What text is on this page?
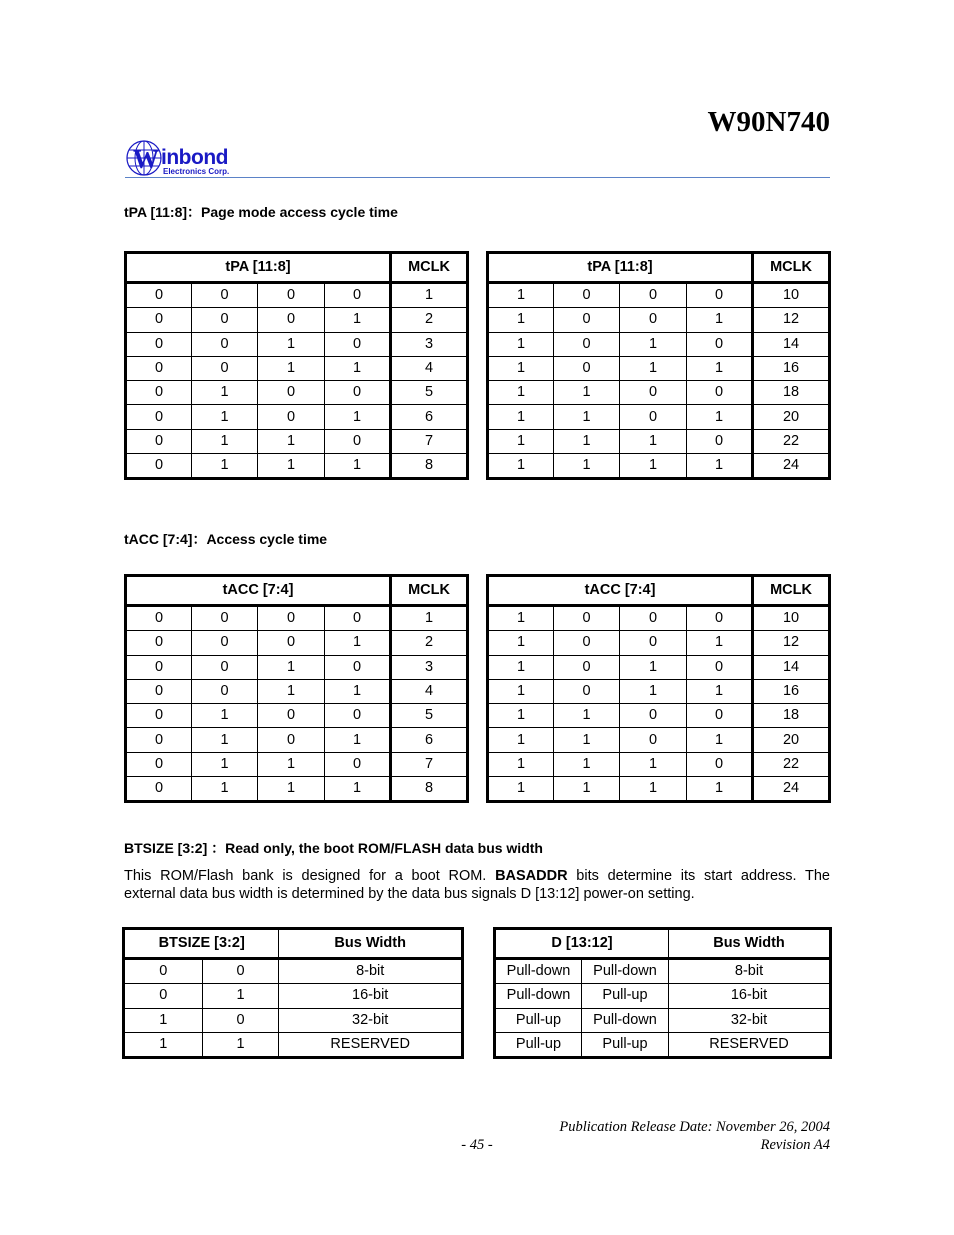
W90N740
W inbond
Electronics Corp.
tPA [11:8]：Page mode access cycle time
tPA [11:8]				MCLK
0	0	0	0	1
0	0	0	1	2
0	0	1	0	3
0	0	1	1	4
0	1	0	0	5
0	1	0	1	6
0	1	1	0	7
0	1	1	1	8
tPA [11:8]				MCLK
1	0	0	0	10
1	0	0	1	12
1	0	1	0	14
1	0	1	1	16
1	1	0	0	18
1	1	0	1	20
1	1	1	0	22
1	1	1	1	24
tACC [7:4]：Access cycle time
tACC [7:4]				MCLK
0	0	0	0	1
0	0	0	1	2
0	0	1	0	3
0	0	1	1	4
0	1	0	0	5
0	1	0	1	6
0	1	1	0	7
0	1	1	1	8
tACC [7:4]				MCLK
1	0	0	0	10
1	0	0	1	12
1	0	1	0	14
1	0	1	1	16
1	1	0	0	18
1	1	0	1	20
1	1	1	0	22
1	1	1	1	24
BTSIZE [3:2] ：Read only, the boot ROM/FLASH data bus width
This ROM/Flash bank is designed for a boot ROM. BASADDR bits determine its start address. The
external data bus width is determined by the data bus signals D [13:12] power-on setting.
BTSIZE [3:2]		Bus Width
0	0	8-bit
0	1	16-bit
1	0	32-bit
1	1	RESERVED
D [13:12]		Bus Width
Pull-down	Pull-down	8-bit
Pull-down	Pull-up	16-bit
Pull-up	Pull-down	32-bit
Pull-up	Pull-up	RESERVED
Publication Release Date: November 26, 2004
- 45 -	Revision A4
